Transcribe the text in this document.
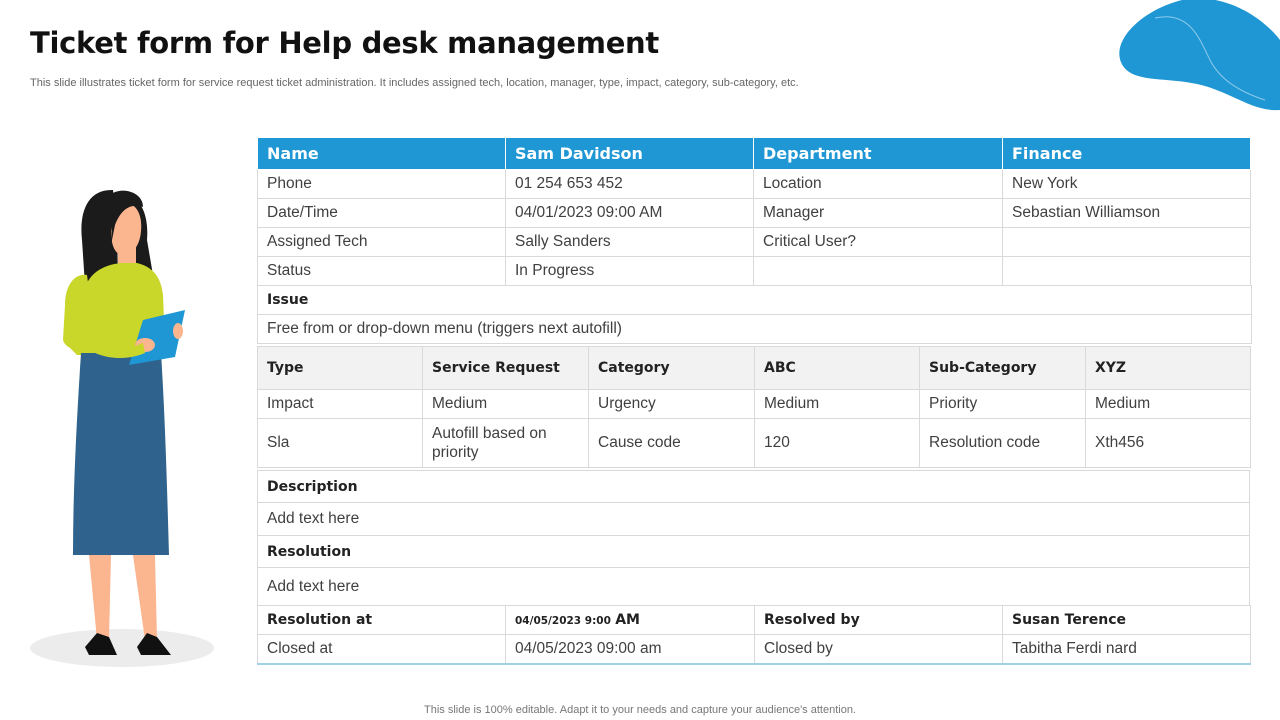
Ticket form for Help desk management

This slide illustrates ticket form for service request ticket administration. It includes assigned tech, location, manager, type, impact, category, sub-category, etc.

Name	Sam Davidson	Department	Finance
Phone	01 254 653 452	Location	New York
Date/Time	04/01/2023 09:00 AM	Manager	Sebastian Williamson
Assigned Tech	Sally Sanders	Critical User?	
Status	In Progress		
Issue
Free from or drop-down menu (triggers next autofill)
Type	Service Request	Category	ABC	Sub-Category	XYZ
Impact	Medium	Urgency	Medium	Priority	Medium
Sla	Autofill based on priority	Cause code	120	Resolution code	Xth456
Description
Add text here
Resolution
Add text here
Resolution at	04/05/2023 9:00 AM	Resolved by	Susan Terence
Closed at	04/05/2023 09:00 am	Closed by	Tabitha Ferdi nard
This slide is 100% editable. Adapt it to your needs and capture your audience's attention.
